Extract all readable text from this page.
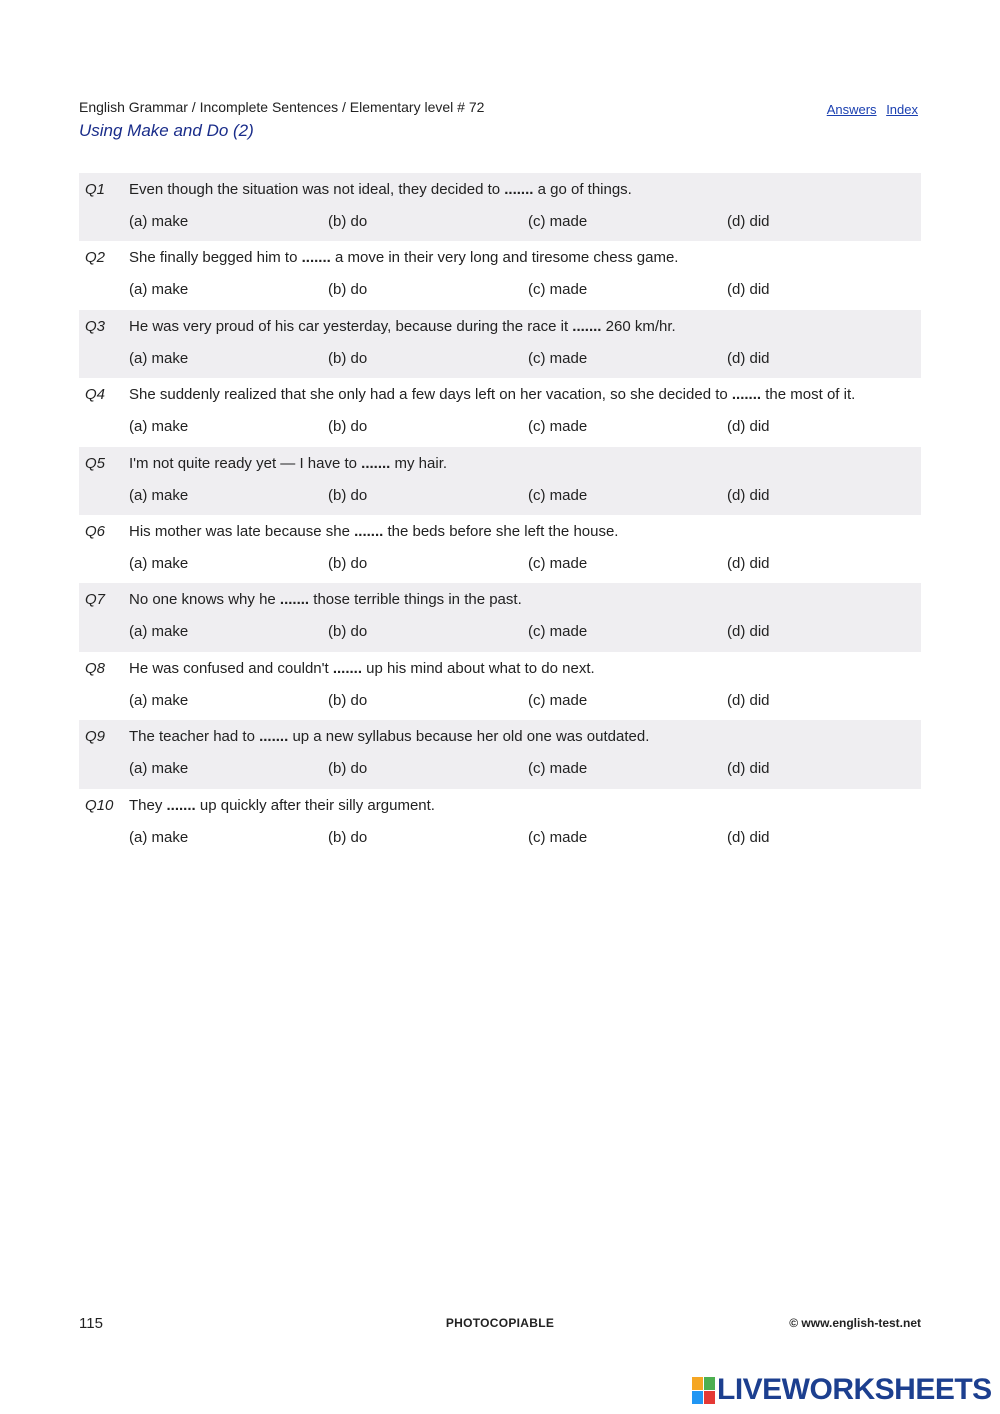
English Grammar / Incomplete Sentences / Elementary level # 72
Using Make and Do (2)
Answers Index
Q1 Even though the situation was not ideal, they decided to ....... a go of things.
(a) make	(b) do	(c) made	(d) did
Q2 She finally begged him to ....... a move in their very long and tiresome chess game.
(a) make	(b) do	(c) made	(d) did
Q3 He was very proud of his car yesterday, because during the race it ....... 260 km/hr.
(a) make	(b) do	(c) made	(d) did
Q4 She suddenly realized that she only had a few days left on her vacation, so she decided to ....... the most of it.
(a) make	(b) do	(c) made	(d) did
Q5 I'm not quite ready yet — I have to ....... my hair.
(a) make	(b) do	(c) made	(d) did
Q6 His mother was late because she ....... the beds before she left the house.
(a) make	(b) do	(c) made	(d) did
Q7 No one knows why he ....... those terrible things in the past.
(a) make	(b) do	(c) made	(d) did
Q8 He was confused and couldn't ....... up his mind about what to do next.
(a) make	(b) do	(c) made	(d) did
Q9 The teacher had to ....... up a new syllabus because her old one was outdated.
(a) make	(b) do	(c) made	(d) did
Q10 They ....... up quickly after their silly argument.
(a) make	(b) do	(c) made	(d) did
115	PHOTOCOPIABLE	© www.english-test.net
LIVEWORKSHEETS
